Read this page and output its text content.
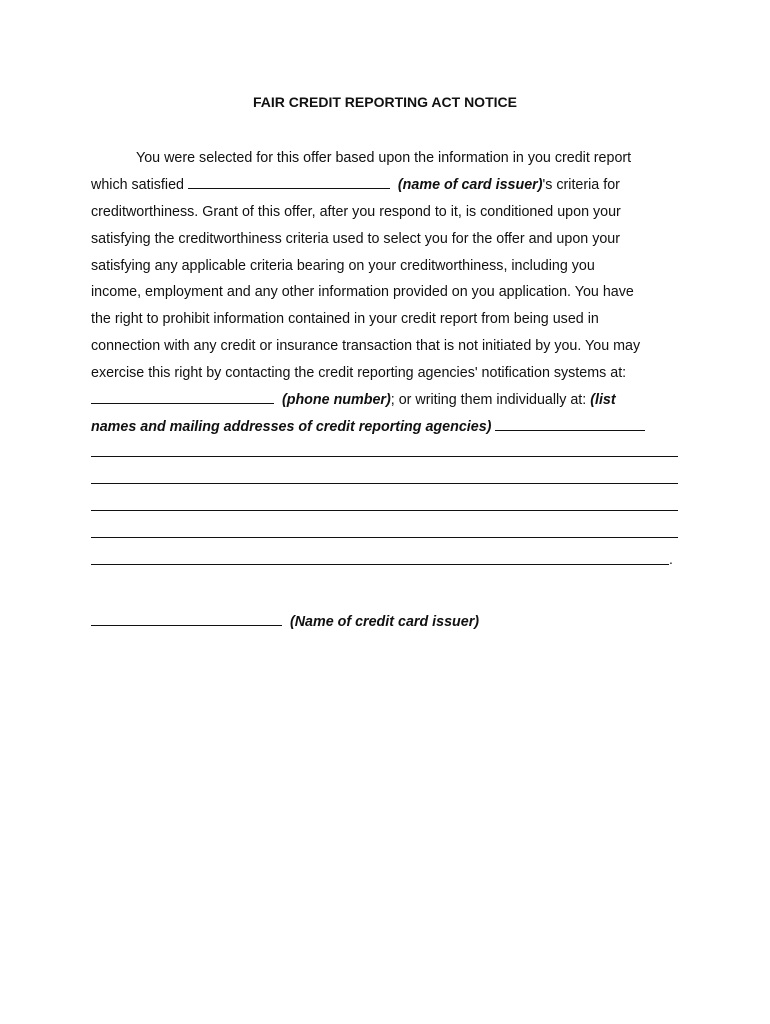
FAIR CREDIT REPORTING ACT NOTICE
You were selected for this offer based upon the information in you credit report
which satisfied	(name of card issuer)'s criteria for
creditworthiness. Grant of this offer, after you respond to it, is conditioned upon your
satisfying the creditworthiness criteria used to select you for the offer and upon your
satisfying any applicable criteria bearing on your creditworthiness, including you
income, employment and any other information provided on you application. You have
the right to prohibit information contained in your credit report from being used in
connection with any credit or insurance transaction that is not initiated by you. You may
exercise this right by contacting the credit reporting agencies' notification systems at:
(phone number); or writing them individually at: (list
names and mailing addresses of credit reporting agencies)
.
(Name of credit card issuer)
